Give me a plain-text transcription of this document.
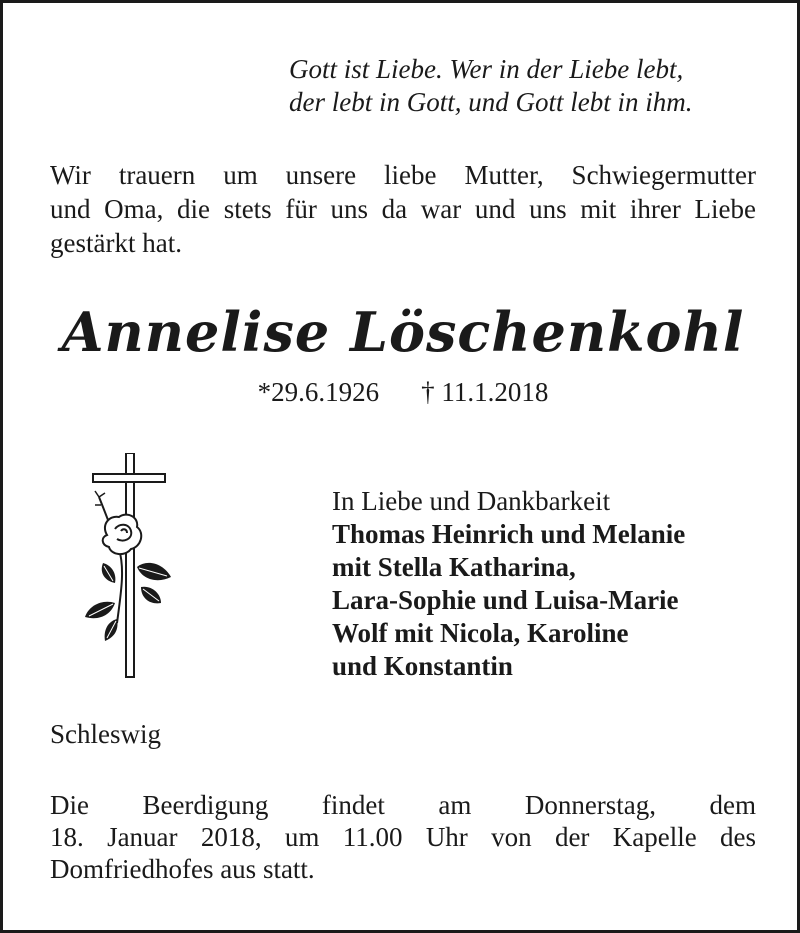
Gott ist Liebe. Wer in der Liebe lebt,
der lebt in Gott, und Gott lebt in ihm.
Wir trauern um unsere liebe Mutter, Schwiegermutter
und Oma, die stets für uns da war und uns mit ihrer Liebe
gestärkt hat.
Annelise Löschenkohl
*29.6.1926 † 11.1.2018
In Liebe und Dankbarkeit
Thomas Heinrich und Melanie
mit Stella Katharina,
Lara-Sophie und Luisa-Marie
Wolf mit Nicola, Karoline
und Konstantin
Schleswig
Die Beerdigung findet am Donnerstag, dem
18. Januar 2018, um 11.00 Uhr von der Kapelle des
Domfriedhofes aus statt.
